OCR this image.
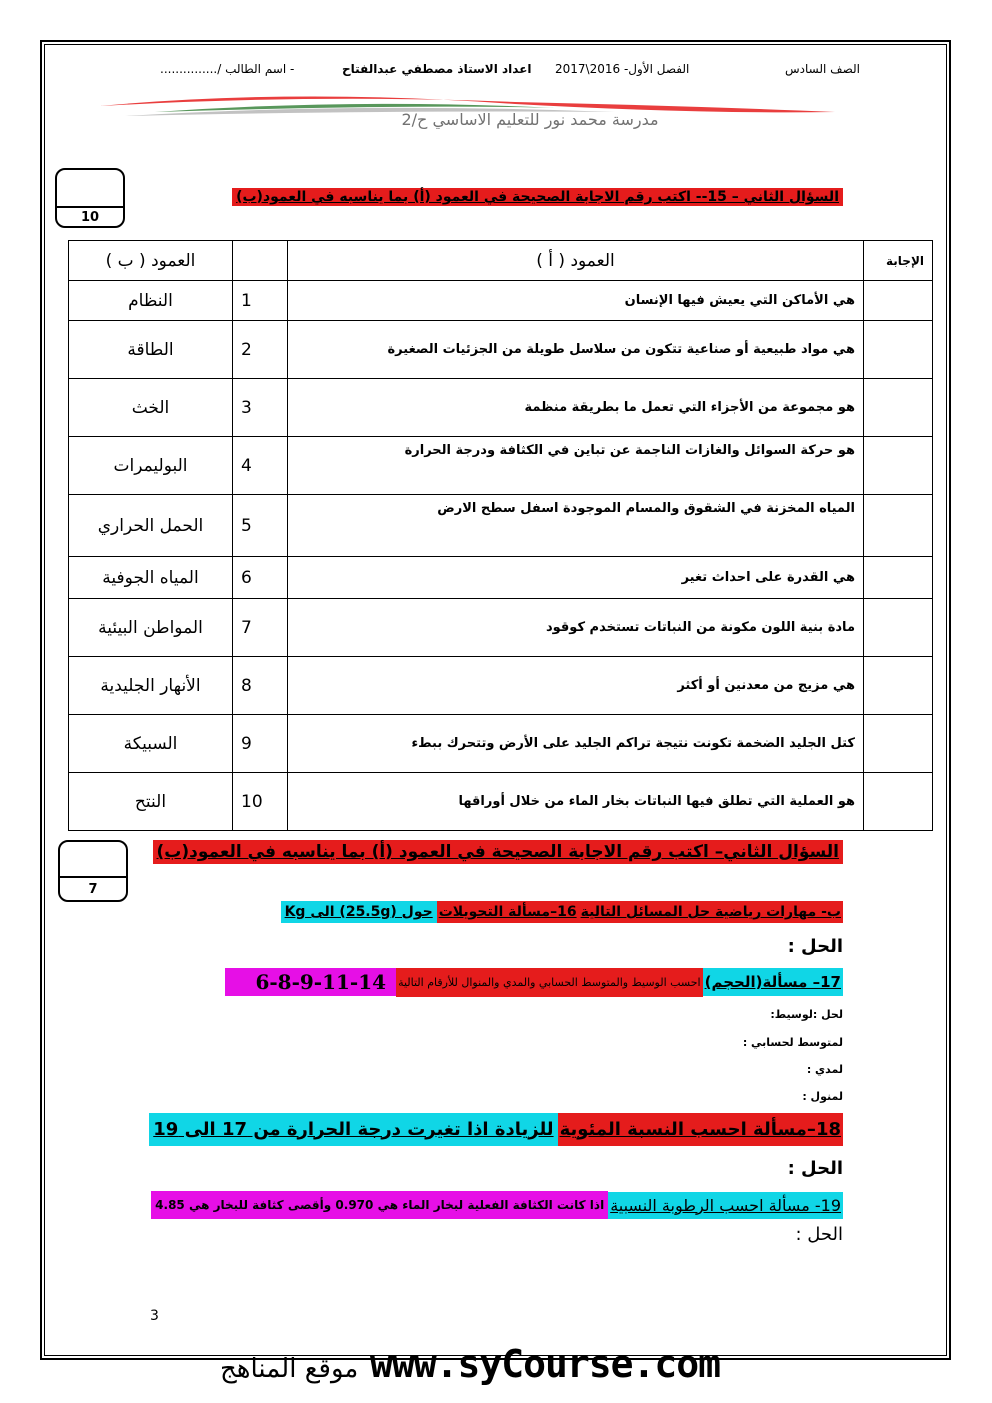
الصف السادس
الفصل الأول- 2016\2017
اعداد الاستاذ مصطفي عبدالفتاح
- اسم الطالب /...............
مدرسة محمد نور للتعليم الاساسي ح/2
10
السؤال الثاني – 15-- اكتب رقم الاجابة الصحيحة في العمود (أ) بما يناسبه في العمود(ب)
العمود ( ب )		العمود ( أ )	الإجابة
النظام	1	هي الأماكن التي يعيش فيها الإنسان	
الطاقة	2	هي مواد طبيعية أو صناعية تتكون من سلاسل طويلة من الجزئيات الصغيرة	
الخث	3	هو مجموعة من الأجزاء التي تعمل ما بطريقة منظمة	
البوليمرات	4	هو حركة السوائل والغازات الناجمة عن تباين في الكثافة ودرجة الحرارة	
الحمل الحراري	5	المياه المخزنة في الشقوق والمسام الموجودة اسفل سطح الارض	
المياه الجوفية	6	هي القدرة على احداث تغير	
المواطن البيئية	7	مادة بنية اللون مكونة من النباتات تستخدم كوقود	
الأنهار الجليدية	8	هي مزيج من معدنين أو أكثر	
السبيكة	9	كتل الجليد الضخمة تكونت نتيجة تراكم الجليد على الأرض وتتحرك ببطء	
النتح	10	هو العملية التي تطلق فيها النباتات بخار الماء من خلال أوراقها	
7
السؤال الثاني– اكتب رقم الاجابة الصحيحة في العمود (أ) بما يناسبه في العمود(ب)
ب- مهارات رياضية حل المسائل التالية
16–مسألة التحويلات
حول (25.5g) الى Kg
الحل :
17– مسألة(الحجم)
احسب الوسيط والمتوسط الحسابي والمدي والمنوال للأرقام التالية
6-8-9-11-14
لحل :لوسيط:
لمتوسط لحسابي :
لمدي :
لمنول :
18–مسألة احسب النسبة المئوية
للزيادة اذا تغيرت درجة الحرارة من 17 الى 19
الحل :
19- مسألة احسب الرطوبة النسبية
اذا كانت الكثافة الفعلية لبخار الماء هي 0.970 وأقصى كثافة للبخار هي 4.85
الحل :
3
www.syCourse.com
موقع المناهج
